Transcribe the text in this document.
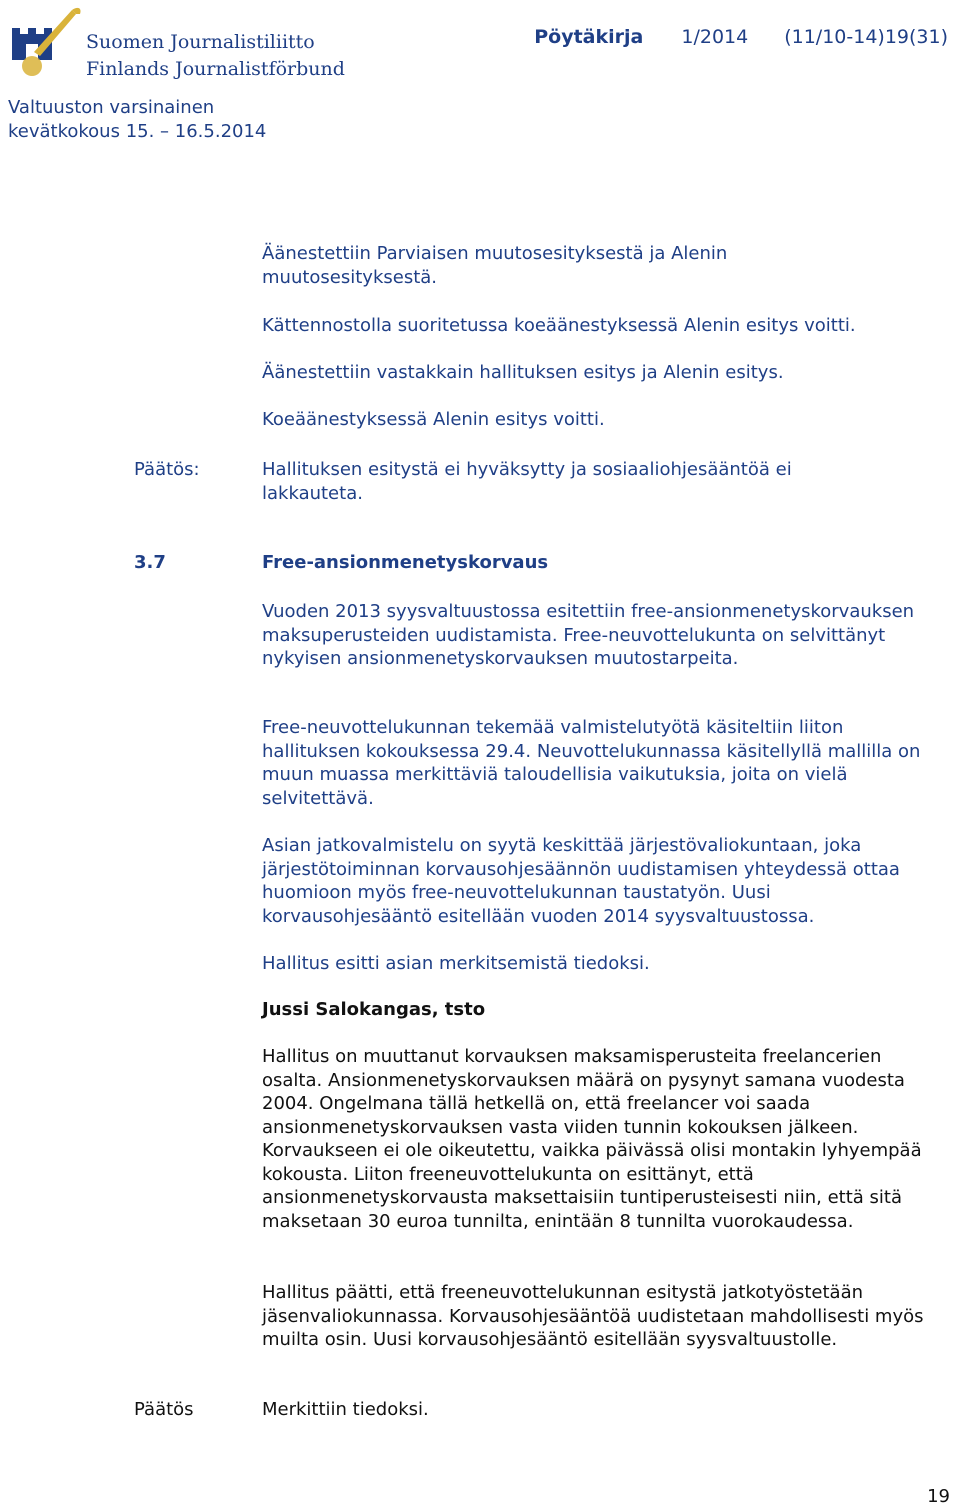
Suomen Journalistiliitto
Finlands Journalistförbund
Pöytäkirja 1/2014 (11/10-14)19(31)
Valtuuston varsinainen
kevätkokous 15. – 16.5.2014

Äänestettiin Parviaisen muutosesityksestä ja Alenin muutosesityksestä.

Kättennostolla suoritetussa koeäänestyksessä Alenin esitys voitti.

Äänestettiin vastakkain hallituksen esitys ja Alenin esitys.

Koeäänestyksessä Alenin esitys voitti.

Päätös:	Hallituksen esitystä ei hyväksytty ja sosiaaliohjesääntöä ei lakkauteta.

3.7	Free-ansionmenetyskorvaus

Vuoden 2013 syysvaltuustossa esitettiin free-ansionmenetyskorvauksen maksuperusteiden uudistamista. Free-neuvottelukunta on selvittänyt nykyisen ansionmenetyskorvauksen muutostarpeita.

Free-neuvottelukunnan tekemää valmistelutyötä käsiteltiin liiton hallituksen kokouksessa 29.4. Neuvottelukunnassa käsitellyllä mallilla on muun muassa merkittäviä taloudellisia vaikutuksia, joita on vielä selvitettävä.

Asian jatkovalmistelu on syytä keskittää järjestövaliokuntaan, joka järjestötoiminnan korvausohjesäännön uudistamisen yhteydessä ottaa huomioon myös free-neuvottelukunnan taustatyön. Uusi korvausohjesääntö esitellään vuoden 2014 syysvaltuustossa.

Hallitus esitti asian merkitsemistä tiedoksi.

Jussi Salokangas, tsto

Hallitus on muuttanut korvauksen maksamisperusteita freelancerien osalta. Ansionmenetyskorvauksen määrä on pysynyt samana vuodesta 2004. Ongelmana tällä hetkellä on, että freelancer voi saada ansionmenetyskorvauksen vasta viiden tunnin kokouksen jälkeen. Korvaukseen ei ole oikeutettu, vaikka päivässä olisi montakin lyhyempää kokousta. Liiton freeneuvottelukunta on esittänyt, että ansionmenetyskorvausta maksettaisiin tuntiperusteisesti niin, että sitä maksetaan 30 euroa tunnilta, enintään 8 tunnilta vuorokaudessa.

Hallitus päätti, että freeneuvottelukunnan esitystä jatkotyöstetään jäsenvaliokunnassa. Korvausohjesääntöä uudistetaan mahdollisesti myös muilta osin. Uusi korvausohjesääntö esitellään syysvaltuustolle.

Päätös	Merkittiin tiedoksi.

19
